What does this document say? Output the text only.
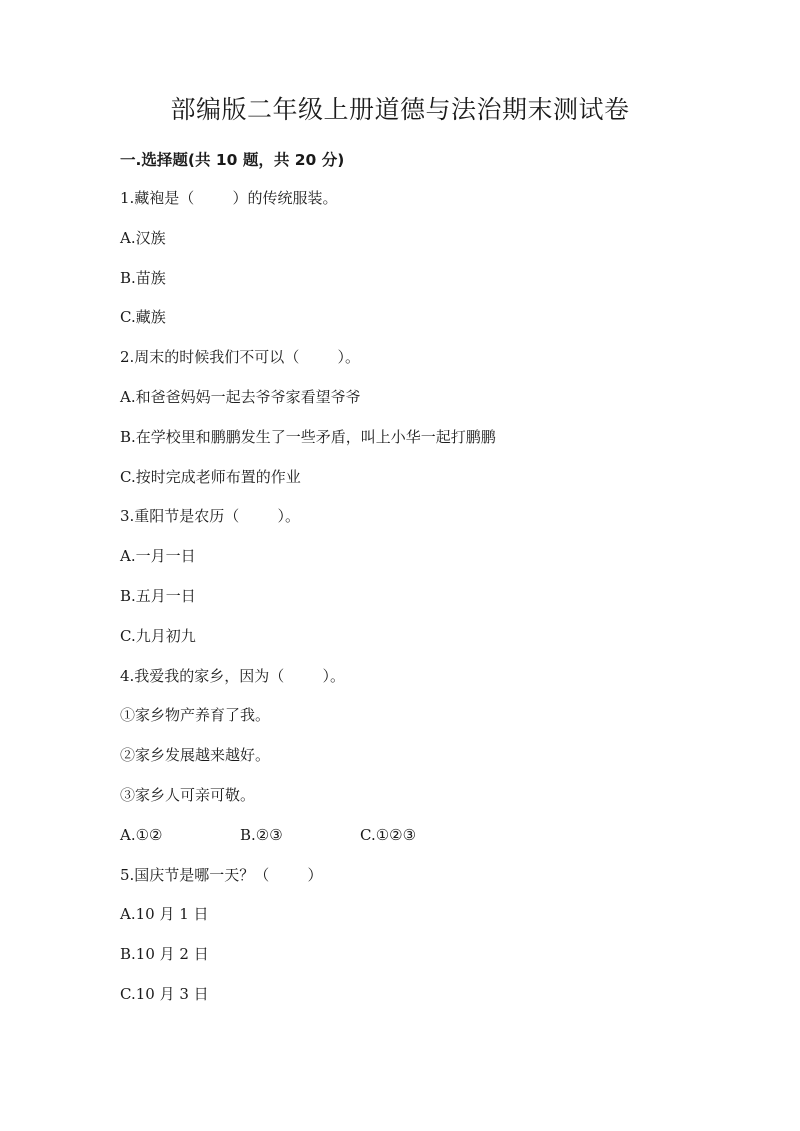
部编版二年级上册道德与法治期末测试卷
一.选择题(共 10 题，共 20 分)
1.藏袍是（        ）的传统服装。
A.汉族
B.苗族
C.藏族
2.周末的时候我们不可以（        ）。
A.和爸爸妈妈一起去爷爷家看望爷爷
B.在学校里和鹏鹏发生了一些矛盾，叫上小华一起打鹏鹏
C.按时完成老师布置的作业
3.重阳节是农历（        ）。
A.一月一日
B.五月一日
C.九月初九
4.我爱我的家乡，因为（        ）。
①家乡物产养育了我。
②家乡发展越来越好。
③家乡人可亲可敬。
A.①②	B.②③	C.①②③
5.国庆节是哪一天？（        ）
A.10 月 1 日
B.10 月 2 日
C.10 月 3 日
